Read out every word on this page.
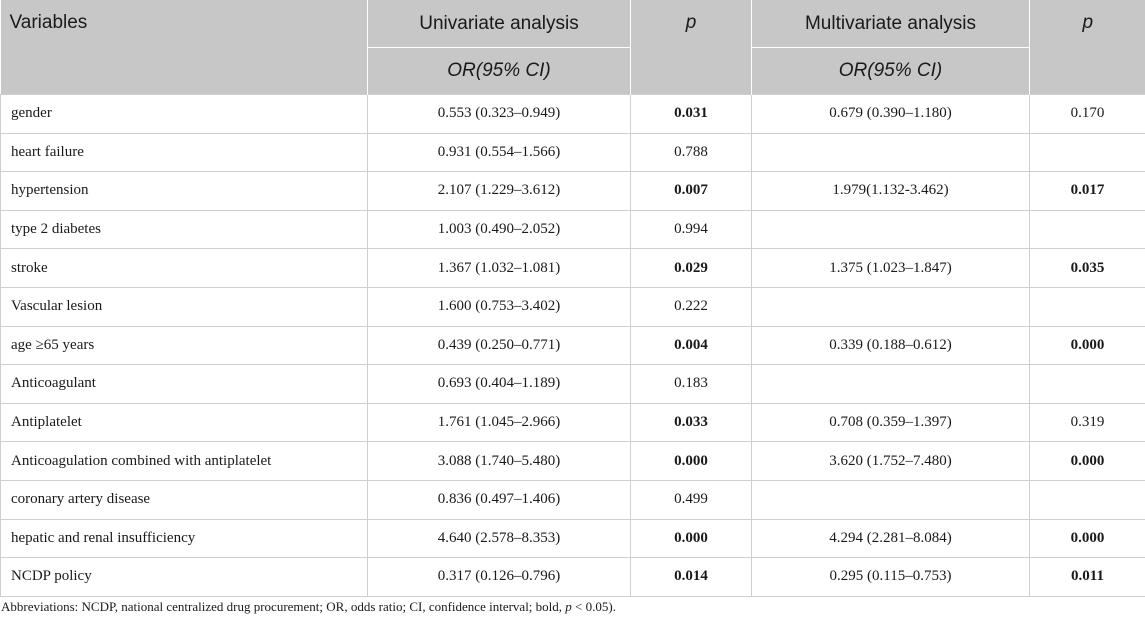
Variables	Univariate analysis	p	Multivariate analysis	p
	OR(95% CI)		OR(95% CI)	
gender	0.553 (0.323–0.949)	0.031	0.679 (0.390–1.180)	0.170
heart failure	0.931 (0.554–1.566)	0.788		
hypertension	2.107 (1.229–3.612)	0.007	1.979(1.132-3.462)	0.017
type 2 diabetes	1.003 (0.490–2.052)	0.994		
stroke	1.367 (1.032–1.081)	0.029	1.375 (1.023–1.847)	0.035
Vascular lesion	1.600 (0.753–3.402)	0.222		
age ≥65 years	0.439 (0.250–0.771)	0.004	0.339 (0.188–0.612)	0.000
Anticoagulant	0.693 (0.404–1.189)	0.183		
Antiplatelet	1.761 (1.045–2.966)	0.033	0.708 (0.359–1.397)	0.319
Anticoagulation combined with antiplatelet	3.088 (1.740–5.480)	0.000	3.620 (1.752–7.480)	0.000
coronary artery disease	0.836 (0.497–1.406)	0.499		
hepatic and renal insufficiency	4.640 (2.578–8.353)	0.000	4.294 (2.281–8.084)	0.000
NCDP policy	0.317 (0.126–0.796)	0.014	0.295 (0.115–0.753)	0.011
Abbreviations: NCDP, national centralized drug procurement; OR, odds ratio; CI, confidence interval; bold, p < 0.05).
